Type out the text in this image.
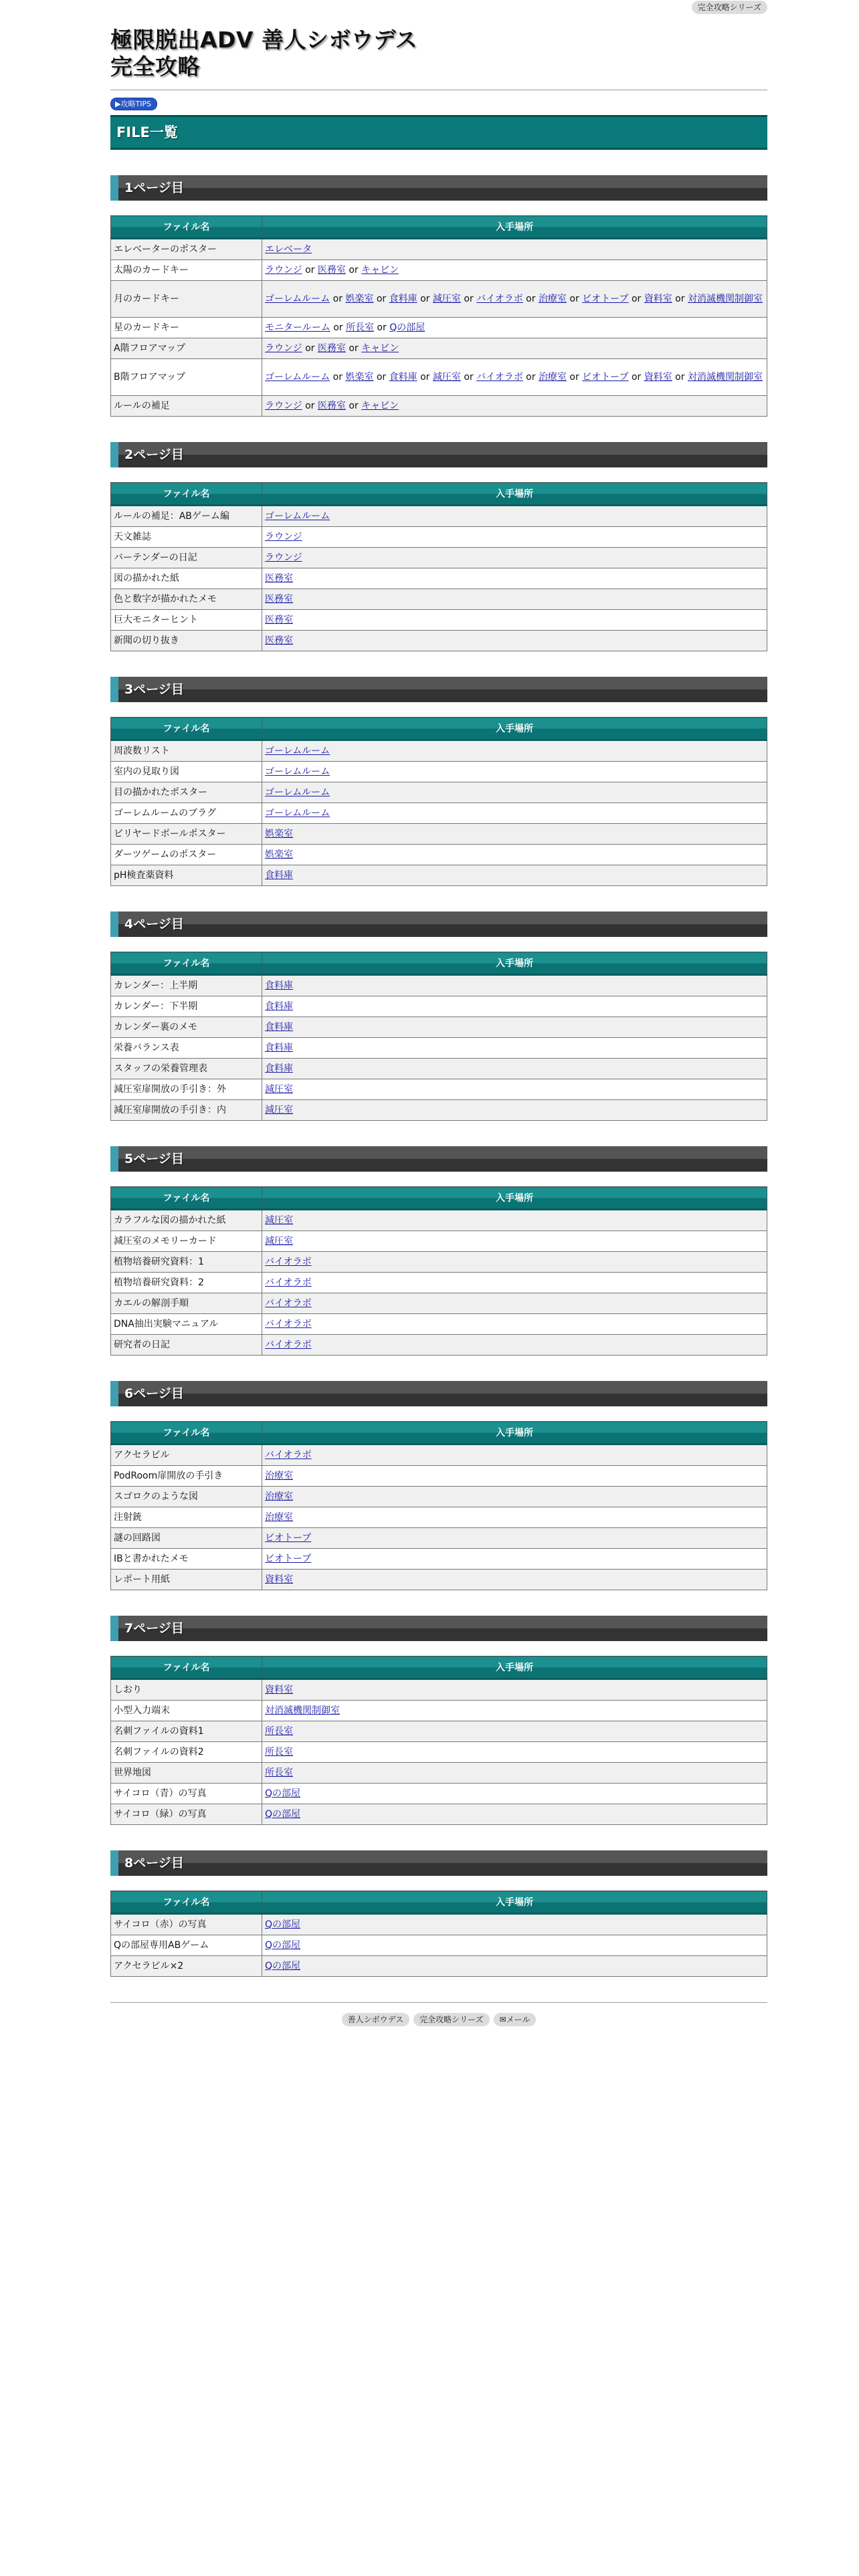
完全攻略シリーズ
極限脱出ADV 善人シボウデス
完全攻略
▶攻略TIPS
FILE一覧
1ページ目
ファイル名	入手場所
エレベーターのポスター	エレベータ
太陽のカードキー	ラウンジ or 医務室 or キャビン
月のカードキー	ゴーレムルーム or 娯楽室 or 食料庫 or 減圧室 or バイオラボ or 治療室 or ビオトープ or 資料室 or 対消滅機関制御室
星のカードキー	モニタールーム or 所長室 or Qの部屋
A階フロアマップ	ラウンジ or 医務室 or キャビン
B階フロアマップ	ゴーレムルーム or 娯楽室 or 食料庫 or 減圧室 or バイオラボ or 治療室 or ビオトープ or 資料室 or 対消滅機関制御室
ルールの補足	ラウンジ or 医務室 or キャビン
2ページ目
ファイル名	入手場所
ルールの補足：ABゲーム編	ゴーレムルーム
天文雑誌	ラウンジ
バーテンダーの日記	ラウンジ
図の描かれた紙	医務室
色と数字が描かれたメモ	医務室
巨大モニターヒント	医務室
新聞の切り抜き	医務室
3ページ目
ファイル名	入手場所
周波数リスト	ゴーレムルーム
室内の見取り図	ゴーレムルーム
目の描かれたポスター	ゴーレムルーム
ゴーレムルームのブラグ	ゴーレムルーム
ビリヤードボールポスター	娯楽室
ダーツゲームのポスター	娯楽室
pH検査薬資料	食料庫
4ページ目
ファイル名	入手場所
カレンダー：上半期	食料庫
カレンダー：下半期	食料庫
カレンダー裏のメモ	食料庫
栄養バランス表	食料庫
スタッフの栄養管理表	食料庫
減圧室扉開放の手引き：外	減圧室
減圧室扉開放の手引き：内	減圧室
5ページ目
ファイル名	入手場所
カラフルな図の描かれた紙	減圧室
減圧室のメモリーカード	減圧室
植物培養研究資料：1	バイオラボ
植物培養研究資料：2	バイオラボ
カエルの解剖手順	バイオラボ
DNA抽出実験マニュアル	バイオラボ
研究者の日記	バイオラボ
6ページ目
ファイル名	入手場所
アクセラビル	バイオラボ
PodRoom扉開放の手引き	治療室
スゴロクのような図	治療室
注射銃	治療室
謎の回路図	ビオトープ
IBと書かれたメモ	ビオトープ
レポート用紙	資料室
7ページ目
ファイル名	入手場所
しおり	資料室
小型入力端末	対消滅機関制御室
名刺ファイルの資料1	所長室
名刺ファイルの資料2	所長室
世界地図	所長室
サイコロ（青）の写真	Qの部屋
サイコロ（緑）の写真	Qの部屋
8ページ目
ファイル名	入手場所
サイコロ（赤）の写真	Qの部屋
Qの部屋専用ABゲーム	Qの部屋
アクセラビル×2	Qの部屋
善人シボウデス 完全攻略シリーズ ✉メール
